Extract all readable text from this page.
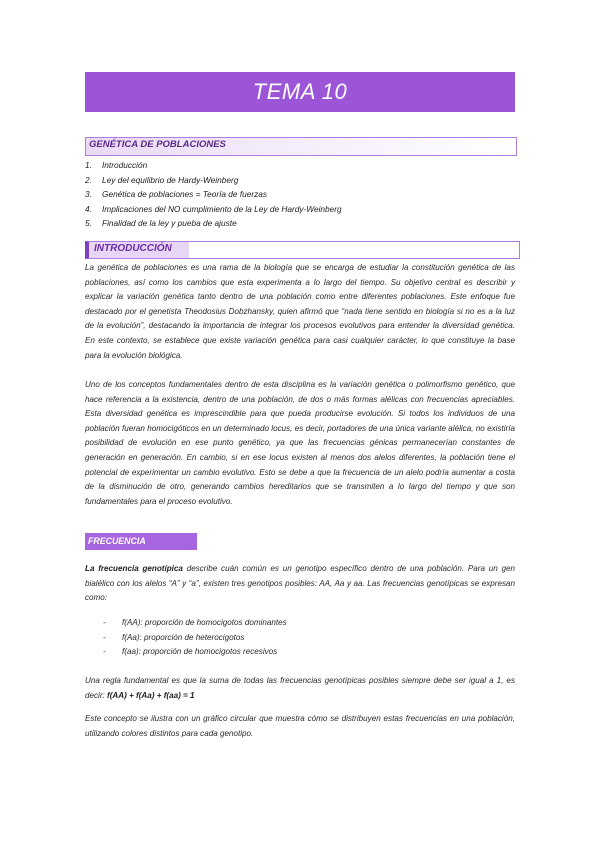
TEMA 10
GENÉTICA DE POBLACIONES
1. Introducción
2. Ley del equilibrio de Hardy-Weinberg
3. Genética de poblaciones = Teoría de fuerzas
4. Implicaciones del NO cumplimiento de la Ley de Hardy-Weinberg
5. Finalidad de la ley y pueba de ajuste
INTRODUCCIÓN

La genética de poblaciones es una rama de la biología que se encarga de estudiar la constitución genética de las poblaciones, así como los cambios que esta experimenta a lo largo del tiempo. Su objetivo central es describir y explicar la variación genética tanto dentro de una población como entre diferentes poblaciones. Este enfoque fue destacado por el genetista Theodosius Dobzhansky, quien afirmó que “nada tiene sentido en biología si no es a la luz de la evolución”, destacando la importancia de integrar los procesos evolutivos para entender la diversidad genética. En este contexto, se establece que existe variación genética para casi cualquier carácter, lo que constituye la base para la evolución biológica.

Uno de los conceptos fundamentales dentro de esta disciplina es la variación genética o polimorfismo genético, que hace referencia a la existencia, dentro de una población, de dos o más formas alélicas con frecuencias apreciables. Esta diversidad genética es imprescindible para que pueda producirse evolución. Si todos los individuos de una población fueran homocigóticos en un determinado locus, es decir, portadores de una única variante alélica, no existiría posibilidad de evolución en ese punto genético, ya que las frecuencias génicas permanecerían constantes de generación en generación. En cambio, si en ese locus existen al menos dos alelos diferentes, la población tiene el potencial de experimentar un cambio evolutivo. Esto se debe a que la frecuencia de un alelo podría aumentar a costa de la disminución de otro, generando cambios hereditarios que se transmiten a lo largo del tiempo y que son fundamentales para el proceso evolutivo.

FRECUENCIA GENOTÍPICA

La frecuencia genotípica describe cuán común es un genotipo específico dentro de una población. Para un gen bialélico con los alelos “A” y “a”, existen tres genotipos posibles: AA, Aa y aa. Las frecuencias genotípicas se expresan como:

- f(AA): proporción de homocigotos dominantes
- f(Aa): proporción de heterocigotos
- f(aa): proporción de homocigotos recesivos

Una regla fundamental es que la suma de todas las frecuencias genotípicas posibles siempre debe ser igual a 1, es decir: f(AA) + f(Aa) + f(aa) = 1

Este concepto se ilustra con un gráfico circular que muestra cómo se distribuyen estas frecuencias en una población, utilizando colores distintos para cada genotipo.
